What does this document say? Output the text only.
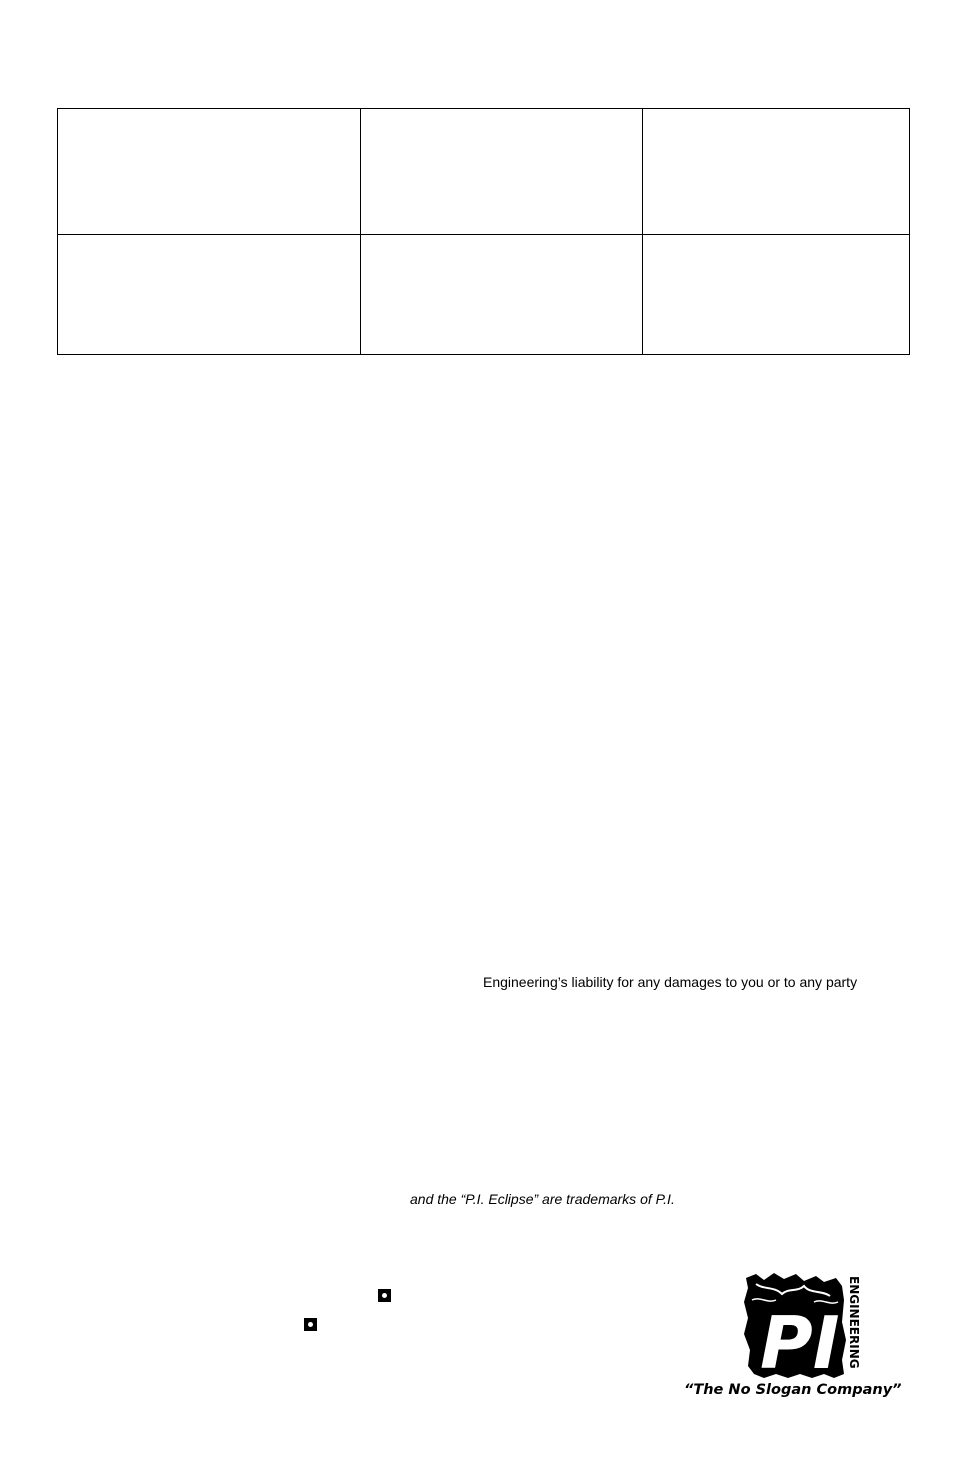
Engineering’s liability for any damages to you or to any party
and the “P.I. Eclipse” are trademarks of P.I.
PI ENGINEERING
“The No Slogan Company”
